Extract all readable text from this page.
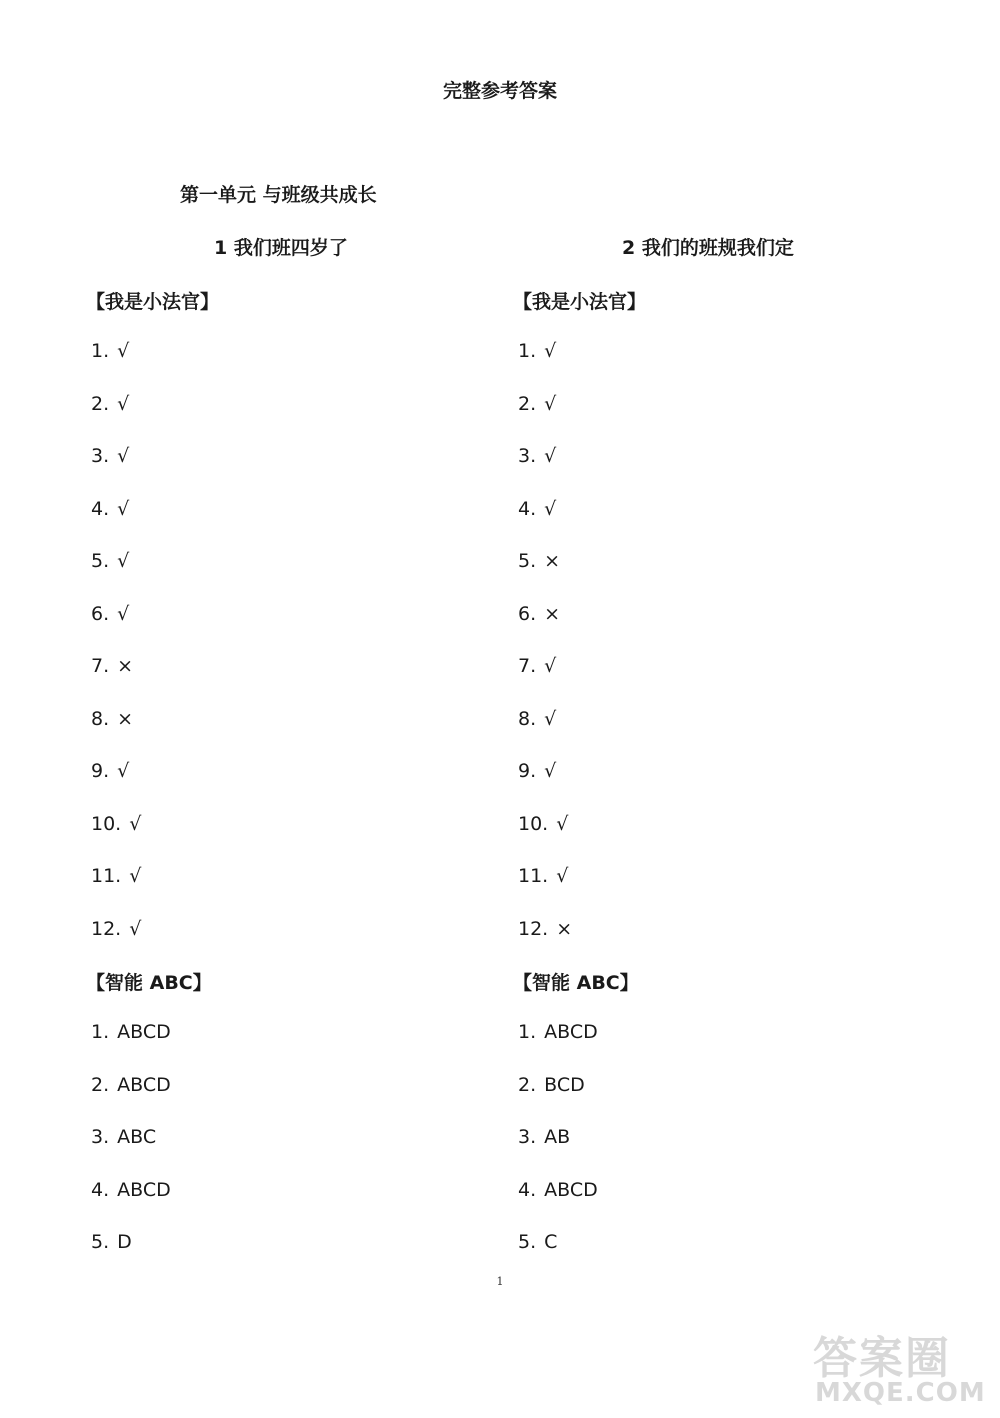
完整参考答案
第一单元 与班级共成长
1 我们班四岁了
【我是小法官】
1. √
2. √
3. √
4. √
5. √
6. √
7. ×
8. ×
9. √
10. √
11. √
12. √
【智能 ABC】
1. ABCD
2. ABCD
3. ABC
4. ABCD
5. D
2 我们的班规我们定
【我是小法官】
1. √
2. √
3. √
4. √
5. ×
6. ×
7. √
8. √
9. √
10. √
11. √
12. ×
【智能 ABC】
1. ABCD
2. BCD
3. AB
4. ABCD
5. C
1
答案圈
MXQE.COM
